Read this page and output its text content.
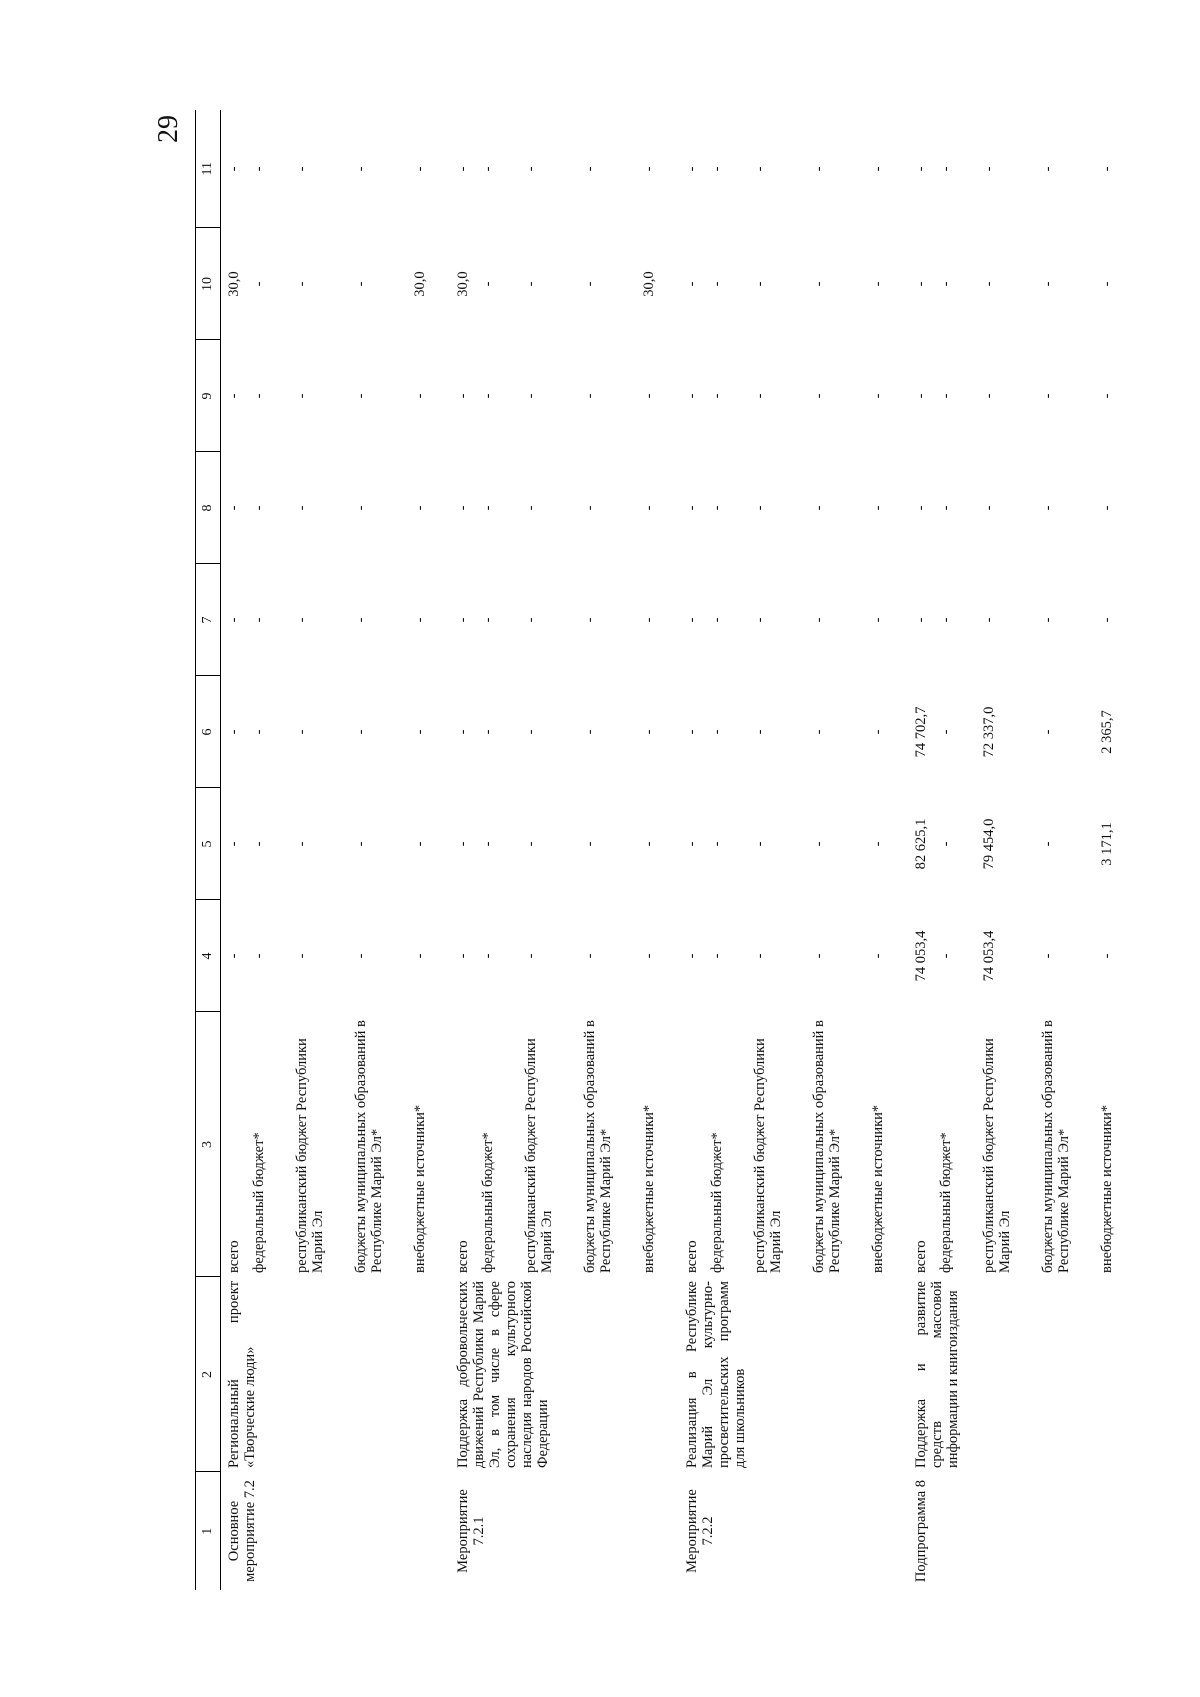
29
1	2	3	4	5	6	7	8	9	10	11
Основное мероприятие 7.2	Региональный проект «Творческие люди»	всего	-	-	-	-	-	-	30,0	-
		федеральный бюджет*	-	-	-	-	-	-	-	-
		республиканский бюджет Республики Марий Эл	-	-	-	-	-	-	-	-
		бюджеты муниципальных образований в Республике Марий Эл*	-	-	-	-	-	-	-	-
		внебюджетные источники*	-	-	-	-	-	-	30,0	-
Мероприятие 7.2.1	Поддержка добровольческих движений Республики Марий Эл, в том числе в сфере сохранения культурного наследия народов Российской Федерации	всего	-	-	-	-	-	-	30,0	-
		федеральный бюджет*	-	-	-	-	-	-	-	-
		республиканский бюджет Республики Марий Эл	-	-	-	-	-	-	-	-
		бюджеты муниципальных образований в Республике Марий Эл*	-	-	-	-	-	-	-	-
		внебюджетные источники*	-	-	-	-	-	-	30,0	-
Мероприятие 7.2.2	Реализация в Республике Марий Эл культурно-просветительских программ для школьников	всего	-	-	-	-	-	-	-	-
		федеральный бюджет*	-	-	-	-	-	-	-	-
		республиканский бюджет Республики Марий Эл	-	-	-	-	-	-	-	-
		бюджеты муниципальных образований в Республике Марий Эл*	-	-	-	-	-	-	-	-
		внебюджетные источники*	-	-	-	-	-	-	-	-
Подпрограмма 8	Поддержка и развитие средств массовой информации и книгоиздания	всего	74 053,4	82 625,1	74 702,7	-	-	-	-	-
		федеральный бюджет*	-	-	-	-	-	-	-	-
		республиканский бюджет Республики Марий Эл	74 053,4	79 454,0	72 337,0	-	-	-	-	-
		бюджеты муниципальных образований в Республике Марий Эл*	-	-	-	-	-	-	-	-
		внебюджетные источники*	-	3 171,1	2 365,7	-	-	-	-	-
